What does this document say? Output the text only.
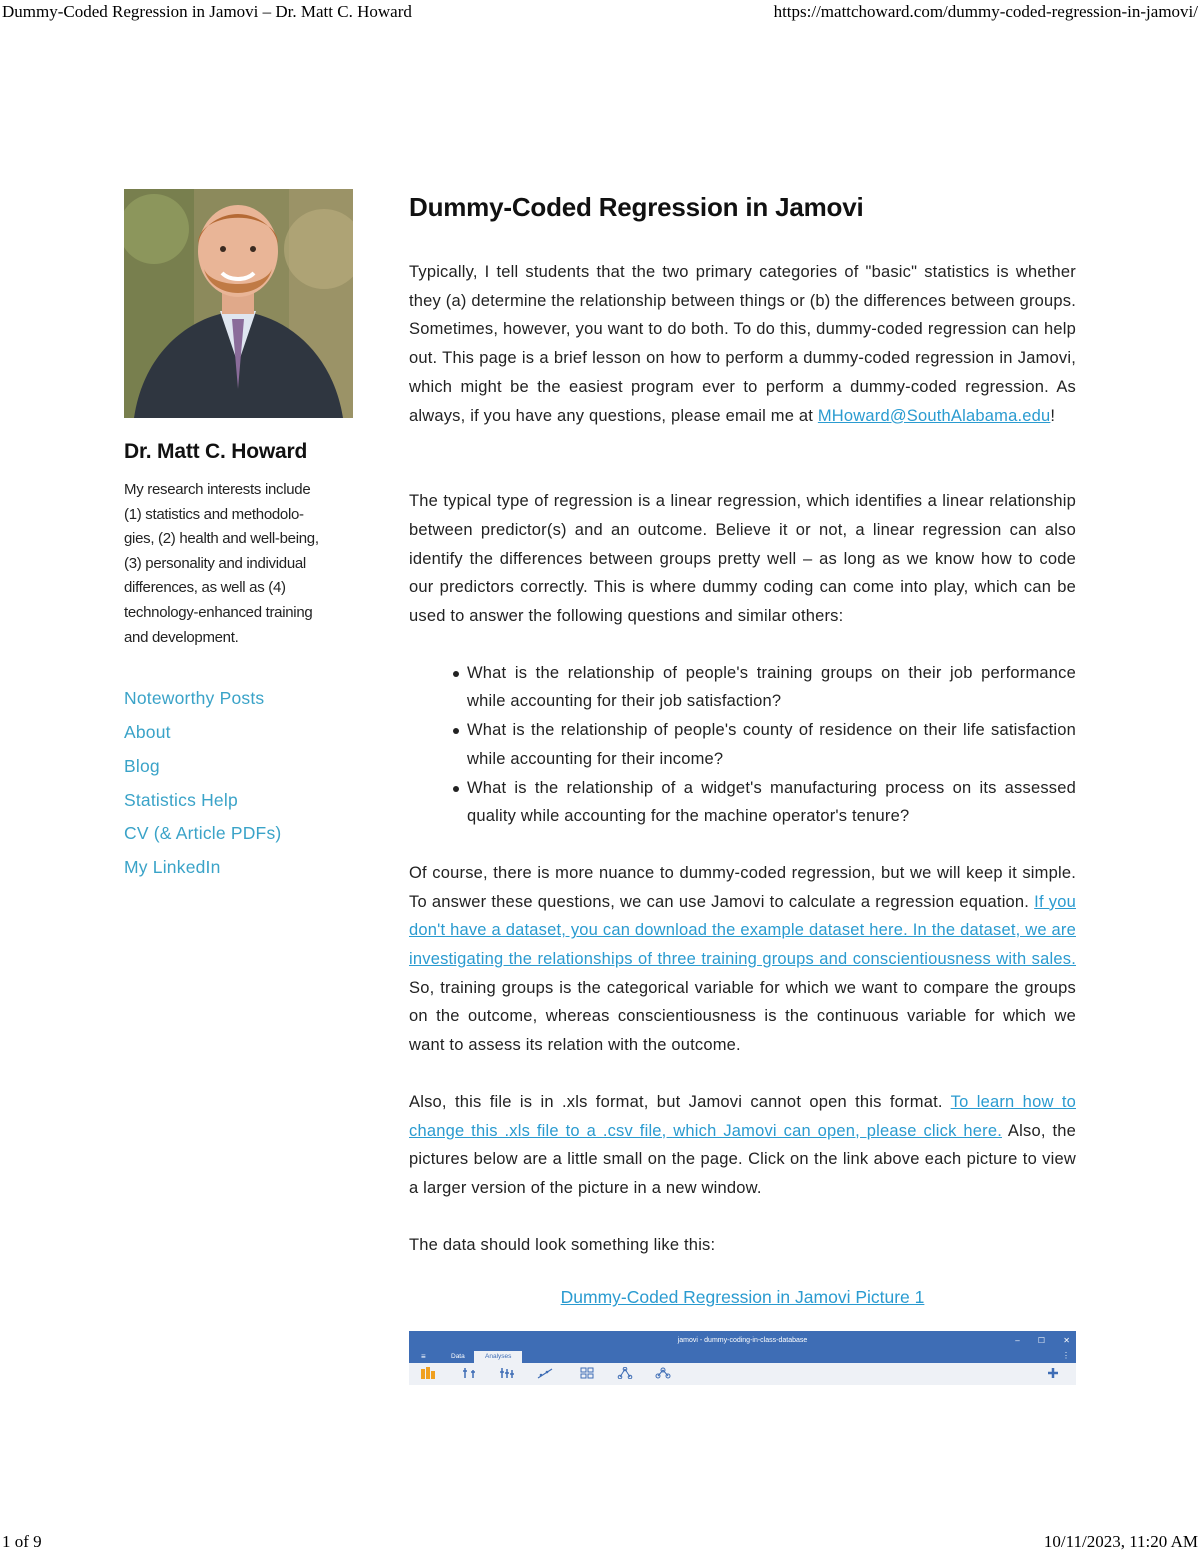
Dummy-Coded Regression in Jamovi – Dr. Matt C. Howard	https://mattchoward.com/dummy-coded-regression-in-jamovi/
Dr. Matt C. Howard
My research interests include
(1) statistics and methodolo-
gies, (2) health and well-being,
(3) personality and individual
differences, as well as (4)
technology-enhanced training
and development.
Noteworthy Posts
About
Blog
Statistics Help
CV (& Article PDFs)
My LinkedIn
Dummy-Coded Regression in Jamovi

Typically, I tell students that the two primary categories of "basic" statistics is whether they (a) determine the relationship between things or (b) the differences between groups. Sometimes, however, you want to do both. To do this, dummy-coded regression can help out. This page is a brief lesson on how to perform a dummy-coded regression in Jamovi, which might be the easiest program ever to perform a dummy-coded regression. As always, if you have any questions, please email me at MHoward@SouthAlabama.edu!

The typical type of regression is a linear regression, which identifies a linear relationship between predictor(s) and an outcome. Believe it or not, a linear regression can also identify the differences between groups pretty well – as long as we know how to code our predictors correctly. This is where dummy coding can come into play, which can be used to answer the following questions and similar others:

What is the relationship of people's training groups on their job performance while accounting for their job satisfaction?
What is the relationship of people's county of residence on their life satisfaction while accounting for their income?
What is the relationship of a widget's manufacturing process on its assessed quality while accounting for the machine operator's tenure?

Of course, there is more nuance to dummy-coded regression, but we will keep it simple. To answer these questions, we can use Jamovi to calculate a regression equation. If you don't have a dataset, you can download the example dataset here. In the dataset, we are investigating the relationships of three training groups and conscientiousness with sales. So, training groups is the categorical variable for which we want to compare the groups on the outcome, whereas conscientiousness is the continuous variable for which we want to assess its relation with the outcome.

Also, this file is in .xls format, but Jamovi cannot open this format. To learn how to change this .xls file to a .csv file, which Jamovi can open, please click here. Also, the pictures below are a little small on the page. Click on the link above each picture to view a larger version of the picture in a new window.

The data should look something like this:

Dummy-Coded Regression in Jamovi Picture 1
jamovi - dummy-coding-in-class-database	– ☐ ✕
≡	Data	Analyses	⋮
1 of 9	10/11/2023, 11:20 AM
